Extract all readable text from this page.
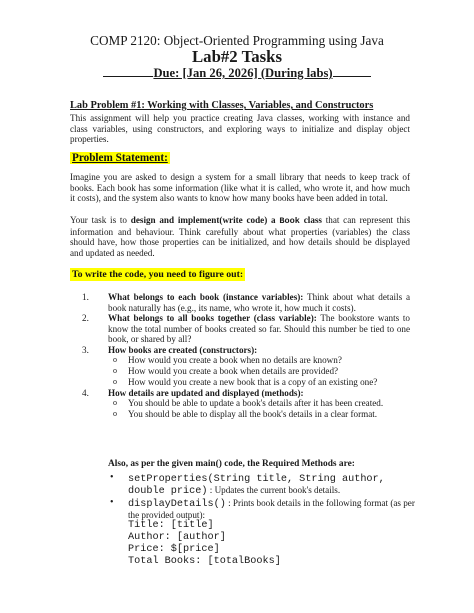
COMP 2120: Object-Oriented Programming using Java
Lab#2 Tasks
Due: [Jan 26, 2026] (During labs)
Lab Problem #1: Working with Classes, Variables, and Constructors
This assignment will help you practice creating Java classes, working with instance and class variables, using constructors, and exploring ways to initialize and display object properties.
Problem Statement:
Imagine you are asked to design a system for a small library that needs to keep track of books. Each book has some information (like what it is called, who wrote it, and how much it costs), and the system also wants to know how many books have been added in total.
Your task is to design and implement(write code) a Book class that can represent this information and behaviour. Think carefully about what properties (variables) the class should have, how those properties can be initialized, and how details should be displayed and updated as needed.
To write the code, you need to figure out:
1. What belongs to each book (instance variables): Think about what details a book naturally has (e.g., its name, who wrote it, how much it costs).
2. What belongs to all books together (class variable): The bookstore wants to know the total number of books created so far. Should this number be tied to one book, or shared by all?
3. How books are created (constructors):
o How would you create a book when no details are known?
o How would you create a book when details are provided?
o How would you create a new book that is a copy of an existing one?
4. How details are updated and displayed (methods):
o You should be able to update a book's details after it has been created.
o You should be able to display all the book's details in a clear format.
Also, as per the given main() code, the Required Methods are:
• setProperties(String title, String author, double price) : Updates the current book's details.
• displayDetails() : Prints book details in the following format (as per the provided output):
Title: [title]
Author: [author]
Price: $[price]
Total Books: [totalBooks]
